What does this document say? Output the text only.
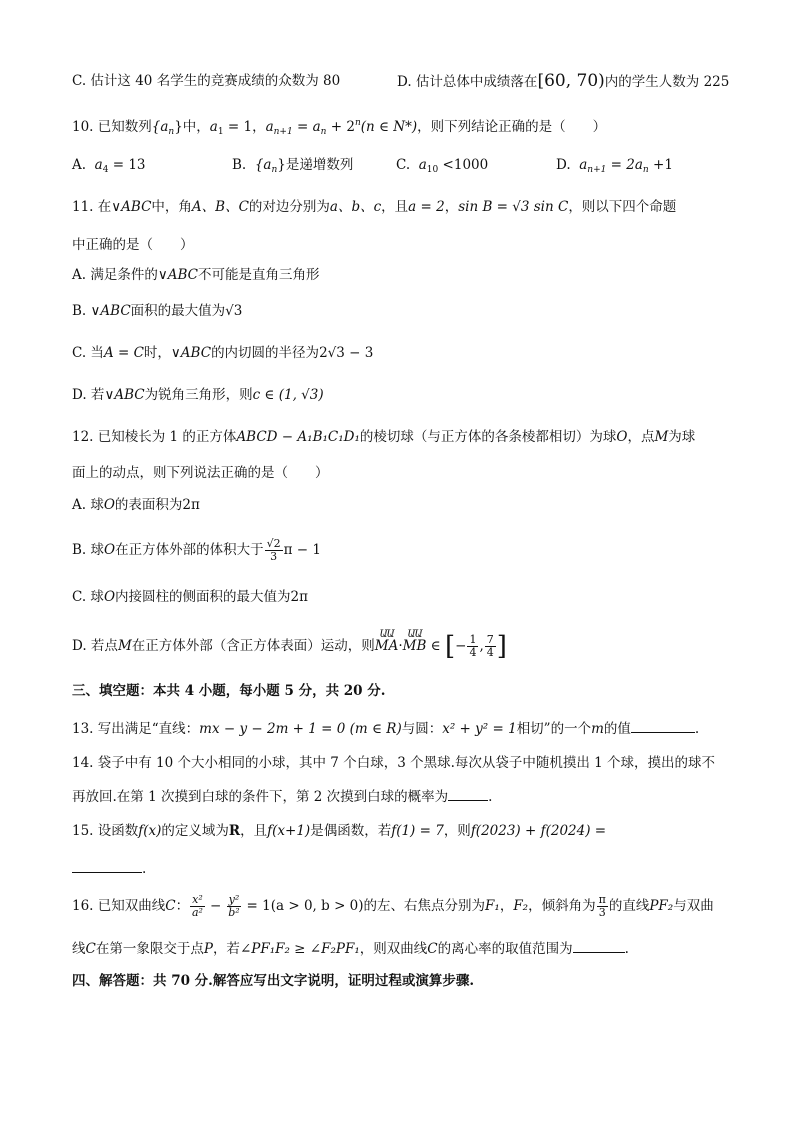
C. 估计这 40 名学生的竞赛成绩的众数为 80	D. 估计总体中成绩落在[60, 70)内的学生人数为 225
10. 已知数列$\{a_n\}$中，$a_1 = 1$，$a_{n+1} = a_n + 2^n(n$ ∈ N*)，则下列结论正确的是（　　）
A. $a_4 = 13$	B. $\{a_n\}$是递增数列	C. $a_{10} <1000$	D. $a_{n+1} = 2a_n +1$
11. 在∨ABC中，角A、B、C的对边分别为a、b、c，且a = 2，sin B = √3 sin C，则以下四个命题
中正确的是（　　）
A. 满足条件的∨ABC不可能是直角三角形
B. ∨ABC面积的最大值为√3
C. 当A = C时，∨ABC的内切圆的半径为2√3 − 3
D. 若∨ABC为锐角三角形，则c ∈ (1, √3)
12. 已知棱长为 1 的正方体ABCD − A₁B₁C₁D₁的棱切球（与正方体的各条棱都相切）为球O，点M为球
面上的动点，则下列说法正确的是（　　）
A. 球O的表面积为2π
B. 球O在正方体外部的体积大于 $\frac{√2}{3}$ π − 1
C. 球O内接圆柱的侧面积的最大值为2π
D. 若点M在正方体外部（含正方体表面）运动，则
ԱԱ
MA·
ԱԱ
MB ∈ [− $\frac{1}{4}$ , $\frac{7}{4}$ ]
三、填空题：本共 4 小题，每小题 5 分，共 20 分.
13. 写出满足“直线：mx − y − 2m + 1 = 0 (m ∈ R)与圆：x² + y² = 1相切”的一个m的值	.
14. 袋子中有 10 个大小相同的小球，其中 7 个白球，3 个黑球.每次从袋子中随机摸出 1 个球，摸出的球不
再放回.在第 1 次摸到白球的条件下，第 2 次摸到白球的概率为	.
15. 设函数f(x)的定义域为R，且f(x+1)是偶函数，若f(1) = 7，则f(2023) + f(2024) =
.
16. 已知双曲线C： $\frac{\text{x²}}{\text{a²}} - \frac{\text{y²}}{\text{b²}} = 1(a > 0$, b > 0)的左、右焦点分别为F₁，F₂，倾斜角为 $\frac{\pi}{3}$ 的直线PF₂与双曲
线C在第一象限交于点P，若∠PF₁F₂ ≥ ∠F₂PF₁，则双曲线C的离心率的取值范围为	.
四、解答题：共 70 分.解答应写出文字说明，证明过程或演算步骤.
